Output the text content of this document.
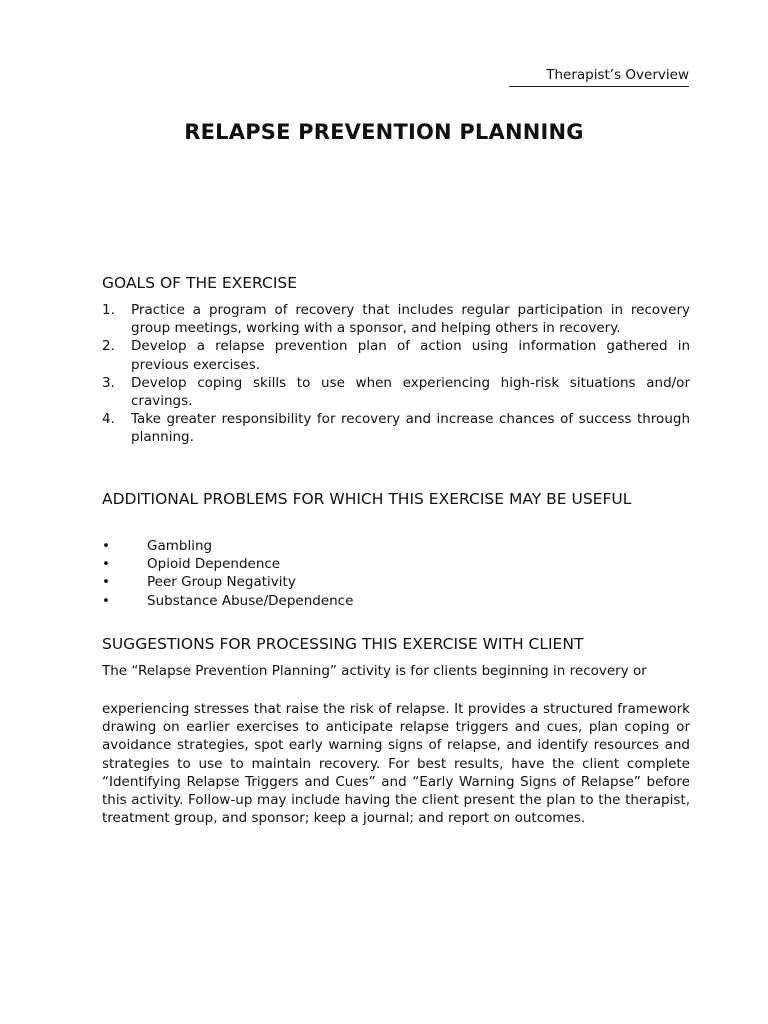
Therapist’s Overview
RELAPSE PREVENTION PLANNING
GOALS OF THE EXERCISE
1. Practice a program of recovery that includes regular participation in recovery group meetings, working with a sponsor, and helping others in recovery.
2. Develop a relapse prevention plan of action using information gathered in previous exercises.
3. Develop coping skills to use when experiencing high-risk situations and/or cravings.
4. Take greater responsibility for recovery and increase chances of success through planning.
ADDITIONAL PROBLEMS FOR WHICH THIS EXERCISE MAY BE USEFUL
•	Gambling
•	Opioid Dependence
•	Peer Group Negativity
•	Substance Abuse/Dependence
SUGGESTIONS FOR PROCESSING THIS EXERCISE WITH CLIENT
The “Relapse Prevention Planning” activity is for clients beginning in recovery or
experiencing stresses that raise the risk of relapse. It provides a structured framework drawing on earlier exercises to anticipate relapse triggers and cues, plan coping or avoidance strategies, spot early warning signs of relapse, and identify resources and strategies to use to maintain recovery. For best results, have the client complete “Identifying Relapse Triggers and Cues” and “Early Warning Signs of Relapse” before this activity. Follow-up may include having the client present the plan to the therapist, treatment group, and sponsor; keep a journal; and report on outcomes.
